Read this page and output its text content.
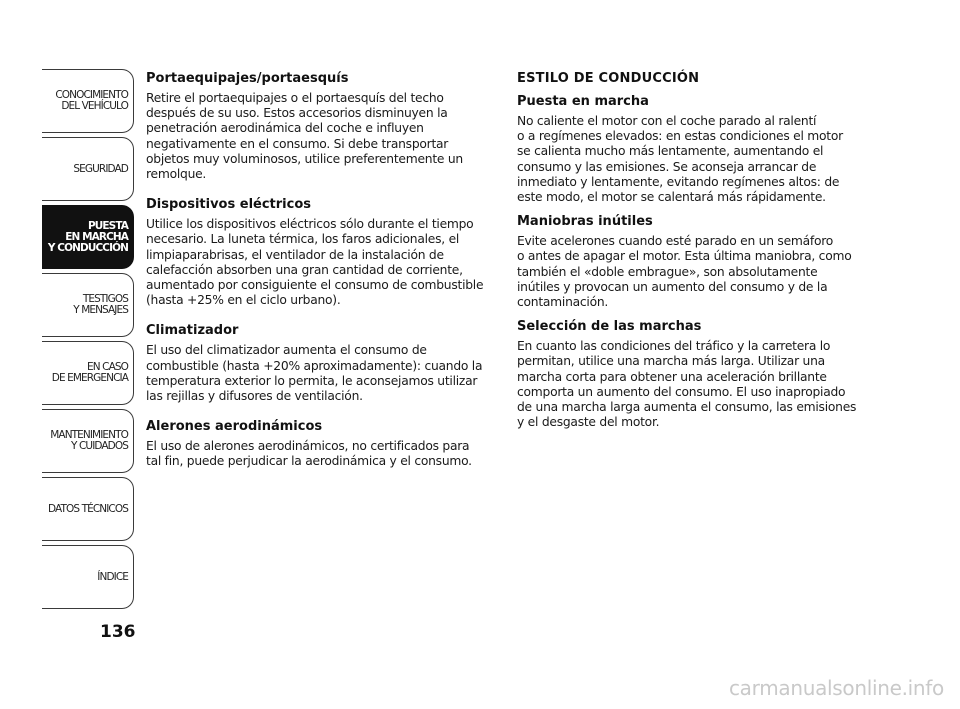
CONOCIMIENTO
DEL VEHÍCULO
SEGURIDAD
PUESTA
EN MARCHA
Y CONDUCCIÓN
TESTIGOS
Y MENSAJES
EN CASO
DE EMERGENCIA
MANTENIMIENTO
Y CUIDADOS
DATOS TÉCNICOS
ÍNDICE
136
Portaequipajes/portaesquís

Retire el portaequipajes o el portaesquís del techo
después de su uso. Estos accesorios disminuyen la
penetración aerodinámica del coche e influyen
negativamente en el consumo. Si debe transportar
objetos muy voluminosos, utilice preferentemente un
remolque.

Dispositivos eléctricos

Utilice los dispositivos eléctricos sólo durante el tiempo
necesario. La luneta térmica, los faros adicionales, el
limpiaparabrisas, el ventilador de la instalación de
calefacción absorben una gran cantidad de corriente,
aumentado por consiguiente el consumo de combustible
(hasta +25% en el ciclo urbano).

Climatizador

El uso del climatizador aumenta el consumo de
combustible (hasta +20% aproximadamente): cuando la
temperatura exterior lo permita, le aconsejamos utilizar
las rejillas y difusores de ventilación.

Alerones aerodinámicos

El uso de alerones aerodinámicos, no certificados para
tal fin, puede perjudicar la aerodinámica y el consumo.

ESTILO DE CONDUCCIÓN
Puesta en marcha

No caliente el motor con el coche parado al ralentí
o a regímenes elevados: en estas condiciones el motor
se calienta mucho más lentamente, aumentando el
consumo y las emisiones. Se aconseja arrancar de
inmediato y lentamente, evitando regímenes altos: de
este modo, el motor se calentará más rápidamente.

Maniobras inútiles

Evite acelerones cuando esté parado en un semáforo
o antes de apagar el motor. Esta última maniobra, como
también el «doble embrague», son absolutamente
inútiles y provocan un aumento del consumo y de la
contaminación.

Selección de las marchas

En cuanto las condiciones del tráfico y la carretera lo
permitan, utilice una marcha más larga. Utilizar una
marcha corta para obtener una aceleración brillante
comporta un aumento del consumo. El uso inapropiado
de una marcha larga aumenta el consumo, las emisiones
y el desgaste del motor.

carmanualsonline.info
